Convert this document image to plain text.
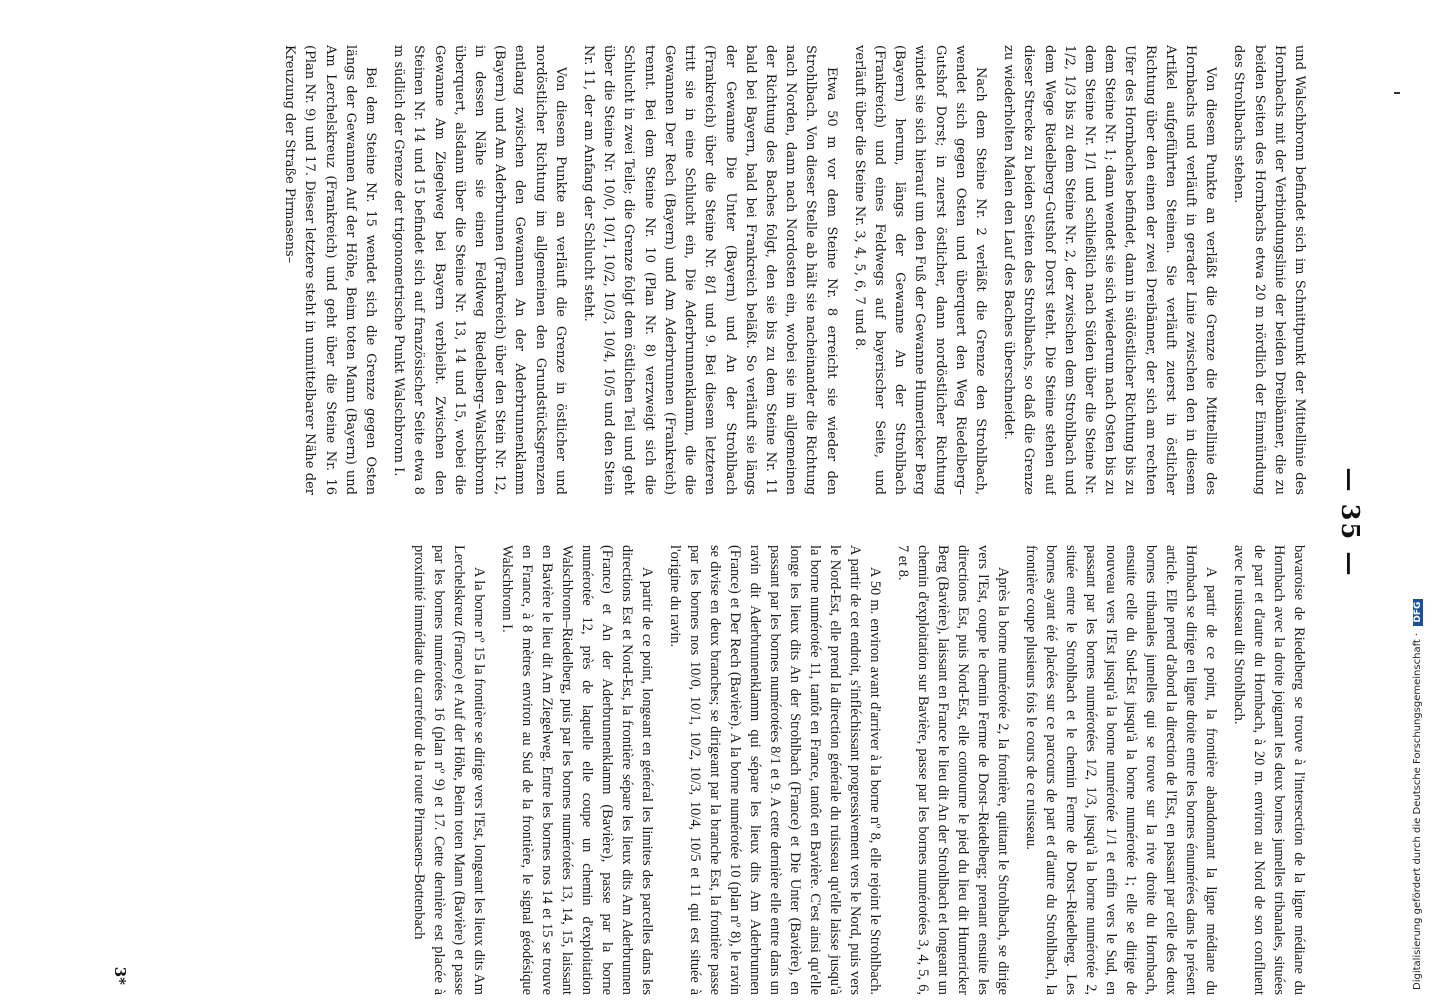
— 35 —

und Walschbronn befindet sich im Schnittpunkt der Mittellinie des Hornbachs mit der Verbindungslinie der beiden Dreibänner, die zu beiden Seiten des Hornbachs etwa 20 m nördlich der Einmündung des Strohlbachs stehen.

Von diesem Punkte an verläßt die Grenze die Mittellinie des Hornbachs und verläuft in gerader Linie zwischen den in diesem Artikel aufgeführten Steinen. Sie verläuft zuerst in östlicher Richtung über den einen der zwei Dreibänner, der sich am rechten Ufer des Hornbaches befindet, dann in südöstlicher Richtung bis zu dem Steine Nr. 1; dann wendet sie sich wiederum nach Osten bis zu dem Steine Nr. 1/1 und schließlich nach Süden über die Steine Nr. 1/2, 1/3 bis zu dem Steine Nr. 2, der zwischen dem Strohlbach und dem Wege Riedelberg–Gutshof Dorst steht. Die Steine stehen auf dieser Strecke zu beiden Seiten des Strohlbachs, so daß die Grenze zu wiederholten Malen den Lauf des Baches überschneidet.

Nach dem Steine Nr. 2 verläßt die Grenze den Strohlbach, wendet sich gegen Osten und überquert den Weg Riedelberg–Gutshof Dorst; in zuerst östlicher, dann nordöstlicher Richtung windet sie sich hierauf um den Fuß der Gewanne Humericker Berg (Bayern) herum, längs der Gewanne An der Strohlbach (Frankreich) und eines Feldwegs auf bayerischer Seite, und verläuft über die Steine Nr. 3, 4, 5, 6, 7 und 8.

Etwa 50 m vor dem Steine Nr. 8 erreicht sie wieder den Strohlbach. Von dieser Stelle ab hält sie nacheinander die Richtung nach Norden, dann nach Nordosten ein, wobei sie im allgemeinen der Richtung des Baches folgt, den sie bis zu dem Steine Nr. 11 bald bei Bayern, bald bei Frankreich beläßt. So verläuft sie längs der Gewanne Die Unter (Bayern) und An der Strohlbach (Frankreich) über die Steine Nr. 8/1 und 9. Bei diesem letzteren tritt sie in eine Schlucht ein, Die Aderbrunnenklamm, die die Gewannen Der Rech (Bayern) und Am Aderbrunnen (Frankreich) trennt. Bei dem Steine Nr. 10 (Plan Nr. 8) verzweigt sich die Schlucht in zwei Teile; die Grenze folgt dem östlichen Teil und geht über die Steine Nr. 10/0, 10/1, 10/2, 10/3, 10/4, 10/5 und den Stein Nr. 11, der am Anfang der Schlucht steht.

Von diesem Punkte an verläuft die Grenze in östlicher und nordöstlicher Richtung im allgemeinen den Grundstücksgrenzen entlang zwischen den Gewannen An der Aderbrunnenklamm (Bayern) und Am Aderbrunnen (Frankreich) über den Stein Nr. 12, in dessen Nähe sie einen Feldweg Riedelberg–Walschbronn überquert, alsdann über die Steine Nr. 13, 14 und 15, wobei die Gewanne Am Ziegelweg bei Bayern verbleibt. Zwischen den Steinen Nr. 14 und 15 befindet sich auf französischer Seite etwa 8 m südlich der Grenze der trigonometrische Punkt Walschbronn I.

Bei dem Steine Nr. 15 wendet sich die Grenze gegen Osten längs der Gewannen Auf der Höhe, Beim toten Mann (Bayern) und Am Lerchelskreuz (Frankreich) und geht über die Steine Nr. 16 (Plan Nr. 9) und 17. Dieser letztere steht in unmittelbarer Nähe der Kreuzung der Straße Pirmasens–

bavaroise de Riedelberg se trouve à l'intersection de la ligne médiane du Hornbach avec la droite joignant les deux bornes jumelles tribanales, situées de part et d'autre du Hornbach, à 20 m. environ au Nord de son confluent avec le ruisseau dit Strohlbach.

A partir de ce point, la frontière abandonnant la ligne médiane du Hornbach se dirige en ligne droite entre les bornes énumérées dans le présent article. Elle prend d'abord la direction de l'Est, en passant par celle des deux bornes tribanales jumelles qui se trouve sur la rive droite du Hornbach, ensuite celle du Sud-Est jusqu'à la borne numérotée 1; elle se dirige de nouveau vers l'Est jusqu'à la borne numérotée 1/1 et enfin vers le Sud, en passant par les bornes numérotées 1/2, 1/3, jusqu'à la borne numérotée 2, située entre le Strohlbach et le chemin Ferme de Dorst–Riedelberg. Les bornes ayant été placées sur ce parcours de part et d'autre du Strohlbach, la frontière coupe plusieurs fois le cours de ce ruisseau.

Après la borne numérotée 2, la frontière, quittant le Strohlbach, se dirige vers l'Est, coupe le chemin Ferme de Dorst–Riedelberg; prenant ensuite les directions Est, puis Nord-Est, elle contourne le pied du lieu dit Humericker Berg (Bavière), laissant en France le lieu dit An der Strohlbach et longeant un chemin d'exploitation sur Bavière, passe par les bornes numérotées 3, 4, 5, 6, 7 et 8.

A 50 m. environ avant d'arriver à la borne nº 8, elle rejoint le Strohlbach. A partir de cet endroit, s'infléchissant progressivement vers le Nord, puis vers le Nord-Est, elle prend la direction générale du ruisseau qu'elle laisse jusqu'à la borne numérotée 11, tantôt en France, tantôt en Bavière. C'est ainsi qu'elle longe les lieux dits An der Strohlbach (France) et Die Unter (Bavière), en passant par les bornes numérotées 8/1 et 9. A cette dernière elle entre dans un ravin dit Aderbrunnenklamm qui sépare les lieux dits Am Aderbrunnen (France) et Der Rech (Bavière). A la borne numérotée 10 (plan nº 8), le ravin se divise en deux branches; se dirigeant par la branche Est, la frontière passe par les bornes nos 10/0, 10/1, 10/2, 10/3, 10/4, 10/5 et 11 qui est située à l'origine du ravin.

A partir de ce point, longeant en général les limites des parcelles dans les directions Est et Nord-Est, la frontière sépare les lieux dits Am Aderbrunnen (France) et An der Aderbrunnenklamm (Bavière), passe par la borne numérotée 12, près de laquelle elle coupe un chemin d'exploitation Walschbronn–Riedelberg, puis par les bornes numérotées 13, 14, 15, laissant en Bavière le lieu dit Am Ziegelweg. Entre les bornes nos 14 et 15 se trouve en France, à 8 mètres environ au Sud de la frontière, le signal géodésique Walschbronn I.

A la borne nº 15 la frontière se dirige vers l'Est, longeant les lieux dits Am Lerchelskreuz (France) et Auf der Höhe, Beim toten Mann (Bavière) et passe par les bornes numérotées 16 (plan nº 9) et 17. Cette dernière est placée à proximité immédiate du carrefour de la route Pirmasens–Bottenbach

3*	Digitalisierung gefördert durch die Deutsche Forschungsgemeinschaft · DFG
